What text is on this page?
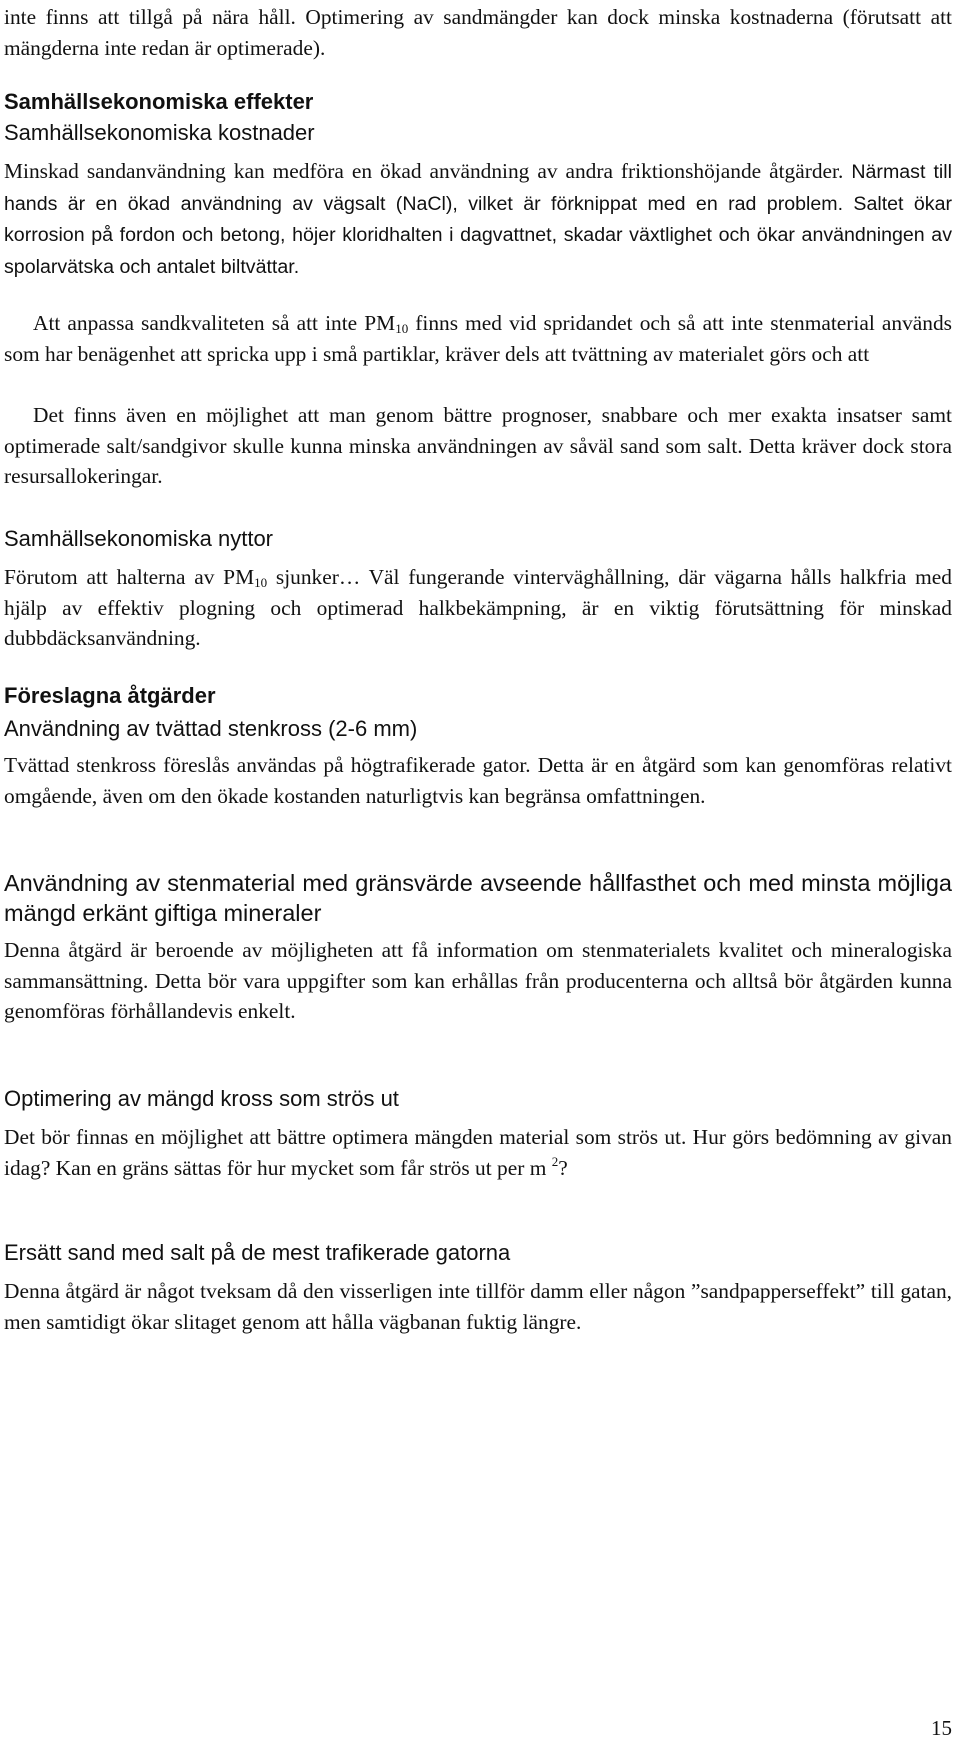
inte finns att tillgå på nära håll. Optimering av sandmängder kan dock minska kostnaderna (förutsatt att mängderna inte redan är optimerade).

Samhällsekonomiska effekter
Samhällsekonomiska kostnader

Minskad sandanvändning kan medföra en ökad användning av andra friktionshöjande åtgärder. Närmast till hands är en ökad användning av vägsalt (NaCl), vilket är förknippat med en rad problem. Saltet ökar korrosion på fordon och betong, höjer kloridhalten i dagvattnet, skadar växtlighet och ökar användningen av spolarvätska och antalet biltvättar.

Att anpassa sandkvaliteten så att inte $PM_{10}$ finns med vid spridandet och så att inte stenmaterial används som har benägenhet att spricka upp i små partiklar, kräver dels att tvättning av materialet görs och att

Det finns även en möjlighet att man genom bättre prognoser, snabbare och mer exakta insatser samt optimerade salt/sandgivor skulle kunna minska användningen av såväl sand som salt. Detta kräver dock stora resursallokeringar.

Samhällsekonomiska nyttor

Förutom att halterna av $PM_{10}$ sjunker… Väl fungerande vinterväghållning, där vägarna hålls halkfria med hjälp av effektiv plogning och optimerad halkbekämpning, är en viktig förutsättning för minskad dubbdäcksanvändning.

Föreslagna åtgärder
Användning av tvättad stenkross (2-6 mm)

Tvättad stenkross föreslås användas på högtrafikerade gator. Detta är en åtgärd som kan genomföras relativt omgående, även om den ökade kostanden naturligtvis kan begränsa omfattningen.

Användning av stenmaterial med gränsvärde avseende hållfasthet och med minsta möjliga mängd erkänt giftiga mineraler

Denna åtgärd är beroende av möjligheten att få information om stenmaterialets kvalitet och mineralogiska sammansättning. Detta bör vara uppgifter som kan erhållas från producenterna och alltså bör åtgärden kunna genomföras förhållandevis enkelt.

Optimering av mängd kross som strös ut

Det bör finnas en möjlighet att bättre optimera mängden material som strös ut. Hur görs bedömning av givan idag? Kan en gräns sättas för hur mycket som får strös ut per m $^2$?

Ersätt sand med salt på de mest trafikerade gatorna

Denna åtgärd är något tveksam då den visserligen inte tillför damm eller någon ”sandpapperseffekt” till gatan, men samtidigt ökar slitaget genom att hålla vägbanan fuktig längre.

15
